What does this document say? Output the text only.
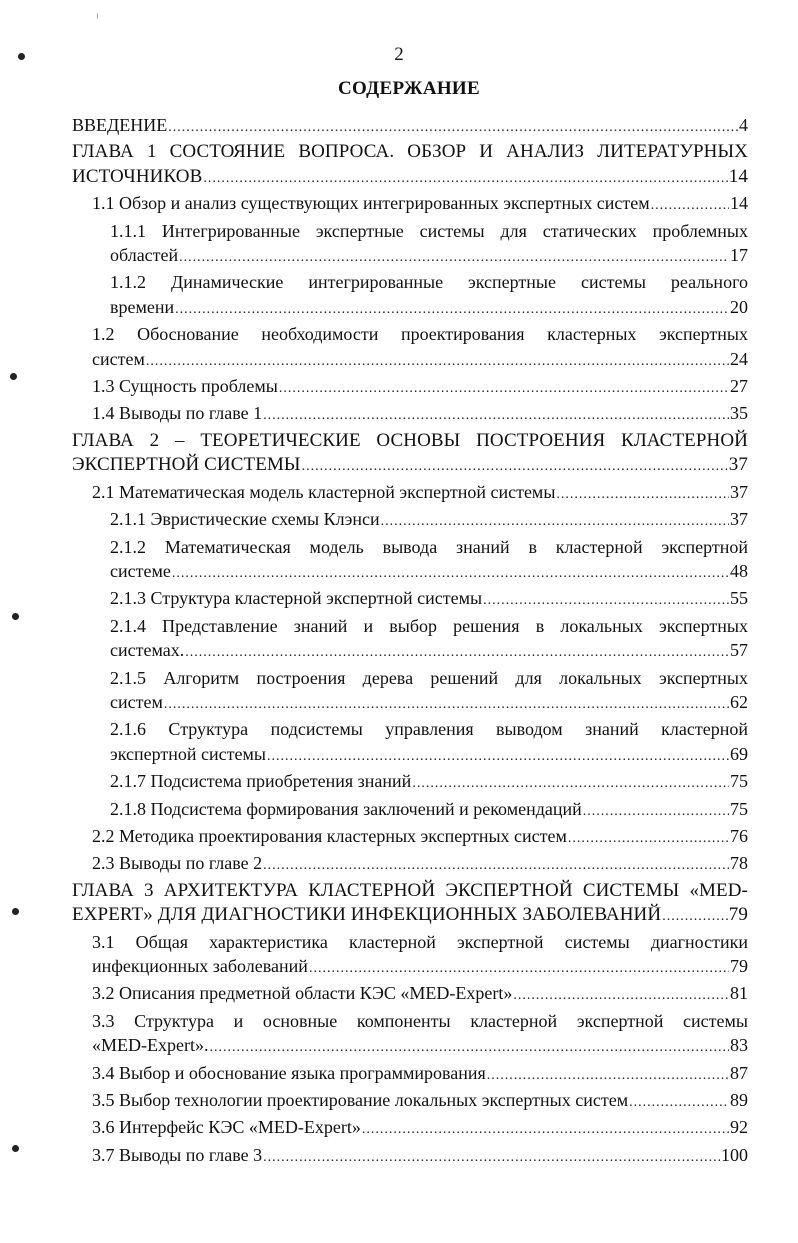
2
СОДЕРЖАНИЕ
ВВЕДЕНИЕ .....	4
ГЛАВА 1 СОСТОЯНИЕ ВОПРОСА. ОБЗОР И АНАЛИЗ ЛИТЕРАТУРНЫХ
ИСТОЧНИКОВ .....	14
1.1 Обзор и анализ существующих интегрированных экспертных систем .....	14
1.1.1 Интегрированные экспертные системы для статических проблемных
областей .....	17
1.1.2 Динамические интегрированные экспертные системы реального
времени .....	20
1.2 Обоснование необходимости проектирования кластерных экспертных
систем .....	24
1.3 Сущность проблемы .....	27
1.4 Выводы по главе 1 .....	35
ГЛАВА 2 – ТЕОРЕТИЧЕСКИЕ ОСНОВЫ ПОСТРОЕНИЯ КЛАСТЕРНОЙ
ЭКСПЕРТНОЙ СИСТЕМЫ .....	37
2.1 Математическая модель кластерной экспертной системы .....	37
2.1.1 Эвристические схемы Клэнси .....	37
2.1.2 Математическая модель вывода знаний в кластерной экспертной
системе .....	48
2.1.3 Структура кластерной экспертной системы .....	55
2.1.4 Представление знаний и выбор решения в локальных экспертных
системах. .....	57
2.1.5 Алгоритм построения дерева решений для локальных экспертных
систем .....	62
2.1.6 Структура подсистемы управления выводом знаний кластерной
экспертной системы .....	69
2.1.7 Подсистема приобретения знаний .....	75
2.1.8 Подсистема формирования заключений и рекомендаций .....	75
2.2 Методика проектирования кластерных экспертных систем .....	76
2.3 Выводы по главе 2 .....	78
ГЛАВА 3 АРХИТЕКТУРА КЛАСТЕРНОЙ ЭКСПЕРТНОЙ СИСТЕМЫ «MED-
EXPERT» ДЛЯ ДИАГНОСТИКИ ИНФЕКЦИОННЫХ ЗАБОЛЕВАНИЙ .....	79
3.1 Общая характеристика кластерной экспертной системы диагностики
инфекционных заболеваний .....	79
3.2 Описания предметной области КЭС «MED-Expert» .....	81
3.3 Структура и основные компоненты кластерной экспертной системы
«MED-Expert». .....	83
3.4 Выбор и обоснование языка программирования .....	87
3.5 Выбор технологии проектирование локальных экспертных систем .....	89
3.6 Интерфейс КЭС «MED-Expert» .....	92
3.7 Выводы по главе 3 .....	100
